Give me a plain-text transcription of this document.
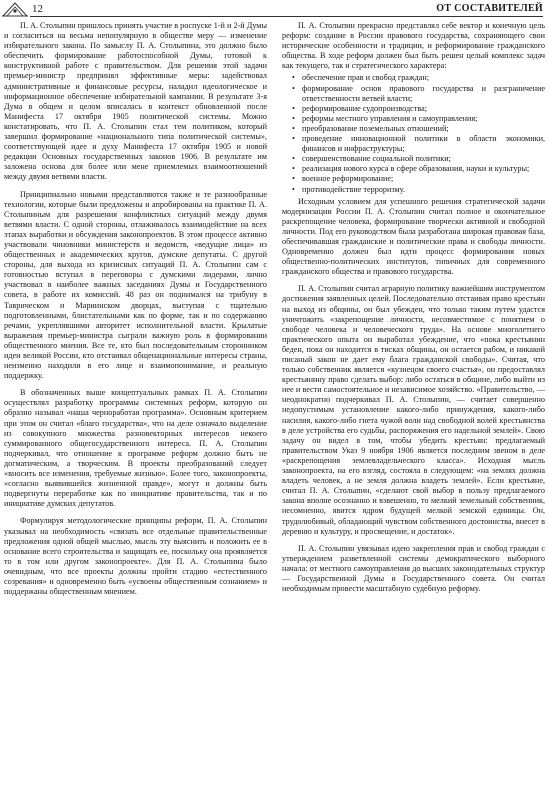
12	ОТ СОСТАВИТЕЛЕЙ

П. А. Столыпин пришлось принять участие в роспуске 1-й и 2-й Думы и согласиться на весьма непопулярную в обществе меру — изменение избирательного закона. По замыслу П. А. Столыпина, это должно было обеспечить формирование работоспособной Думы, готовой к конструктивной работе с правительством. Для решения этой задачи премьер-министр предпринял эффективные меры: задействовал административные и финансовые ресурсы, наладил идеологическое и информационное обеспечение избирательной кампании. В результате 3-я Дума в общем и целом вписалась в контекст обновленной после Манифеста 17 октября 1905 политической системы. Можно констатировать, что П. А. Столыпин стал тем политиком, который завершил формирование «национального типа политической системы», соответствующей идее и духу Манифеста 17 октября 1905 и новой редакции Основных государственных законов 1906. В результате им заложена основа для более или мене приемлемых взаимоотношений между двумя ветвями власти.

Принципиально новыми представляются также и те разнообразные технологии, которые были предложены и апробированы на практике П. А. Столыпиным для разрешения конфликтных ситуаций между двумя ветвями власти. С одной стороны, отлаживалось взаимодействие на всех этапах выработки и обсуждения законопроектов. В этом процессе активно участвовали чиновники министерств и ведомств, «ведущие лица» из общественных и академических кругов, думские депутаты. С другой стороны, для выхода из кризисных ситуаций П. А. Столыпин сам с готовностью вступал в переговоры с думскими лидерами, лично участвовал в наиболее важных заседаниях Думы и Государственного совета, в работе их комиссий. 48 раз он поднимался на трибуну в Таврическом и Мариинском дворцах, выступая с тщательно подготовленными, блистательными как по форме, так и по содержанию речами, укреплявшими авторитет исполнительной власти. Крылатые выражения премьер-министра сыграли важную роль в формировании общественного мнения. Все те, кто был последовательным сторонником идеи великой России, кто отстаивал общенациональные интересы страны, неизменно находили в его лице и взаимопонимание, и реальную поддержку.

В обозначенных выше концептуальных рамках П. А. Столыпин осуществлял разработку программы системных реформ, которую он образно называл «наша черноработая программа». Основным критерием при этом он считал «благо государства», что на деле означало выделение из совокупного множества разновекторных интересов некоего суммированного общегосударственного интереса. П. А. Столыпин подчеркивал, что отношение к программе реформ должно быть не догматическим, а творческим. В проекты преобразований следует «вносить все изменения, требуемые жизнью». Более того, законопроекты, «согласно выявившейся жизненной правде», могут и должны быть подвергнуты переработке как по инициативе правительства, так и по инициативе думских депутатов.

Формулируя методологические принципы реформ, П. А. Столыпин указывал на необходимость «связать все отдельные правительственные предложения одной общей мыслью, мысль эту выяснить и положить ее в основание всего строительства и защищать ее, поскольку она проявляется то в том или другом законопроекте». Для П. А. Столыпина было очевидным, что все проекты должны пройти стадию «естественного созревания» и одновременно быть «усвоены общественным сознанием» и поддержаны общественным мнением.

П. А. Столыпин прекрасно представлял себе вектор и конечную цель реформ: создание в России правового государства, сохраняющего свои исторические особенности и традиции, и реформирование гражданского общества. В ходе реформ должен был быть решен целый комплекс задач как текущего, так и стратегического характера:

• обеспечение прав и свобод граждан;
• формирование основ правового государства и разграничение ответственности ветвей власти;
• реформирование судопроизводства;
• реформы местного управления и самоуправления;
• преобразование поземельных отношений;
• проведение инновационной политики в области экономики, финансов и инфраструктуры;
• совершенствование социальной политики;
• реализация нового курса в сфере образования, науки и культуры;
• военное реформирование;
• противодействие терроризму.

Исходным условием для успешного решения стратегической задачи модернизации России П. А. Столыпин считал полное и окончательное раскрепощение человека, формирование творчески активной и свободной личности. Под его руководством была разработана широкая правовая база, обеспечивавшая гражданские и политические права и свободы личности. Одновременно должен был идти процесс формирования новых общественно-политических институтов, типичных для современного гражданского общества и правового государства.

П. А. Столыпин считал аграрную политику важнейшим инструментом достижения заявленных целей. Последовательно отстаивая право крестьян на выход из общины, он был убежден, что только таким путем удастся уничтожить «закрепощение личности, несовместимое с понятием о свободе человека и человеческого труда». На основе многолетнего практического опыта он выработал убеждение, что «пока крестьянин беден, пока он находится в тисках общины, он остается рабом, и никакой писаный закон не дает ему блага гражданской свободы». Считая, что только собственник является «кузнецом своего счастья», он предоставлял крестьянину право сделать выбор: либо остаться в общине, либо выйти из нее и вести самостоятельное и независимое хозяйство. «Правительство, — неоднократно подчеркивал П. А. Столыпин, — считает совершенно недопустимым установление какого-либо принуждения, какого-либо насилия, какого-либо гнета чужой воли над свободной волей крестьянства в деле устройства его судьбы, распоряжения его надельной землей». Свою задачу он видел в том, чтобы убедить крестьян: предлагаемый правительством Указ 9 ноября 1906 является последним звеном в деле «раскрепощения землевладельческого класса». Исходная мысль законопроекта, на его взгляд, состояла в следующем: «на землях должна владеть человек, а не земля должна владеть землей». Если крестьяне, считал П. А. Столыпин, «сделают свой выбор в пользу предлагаемого закона вполне осознанно и взвешенно, то мелкий земельный собственник, несомненно, явится ядром будущей мелкой земской единицы. Он, трудолюбивый, обладающий чувством собственного достоинства, внесет в деревню и культуру, и просвещение, и достаток».

П. А. Столыпин увязывал идею закрепления прав и свобод граждан с утверждением разветвленной системы демократического выборного начала: от местного самоуправления до высших законодательных структур — Государственной Думы и Государственного совета. Он считал необходимым провести масштабную судебную реформу.
